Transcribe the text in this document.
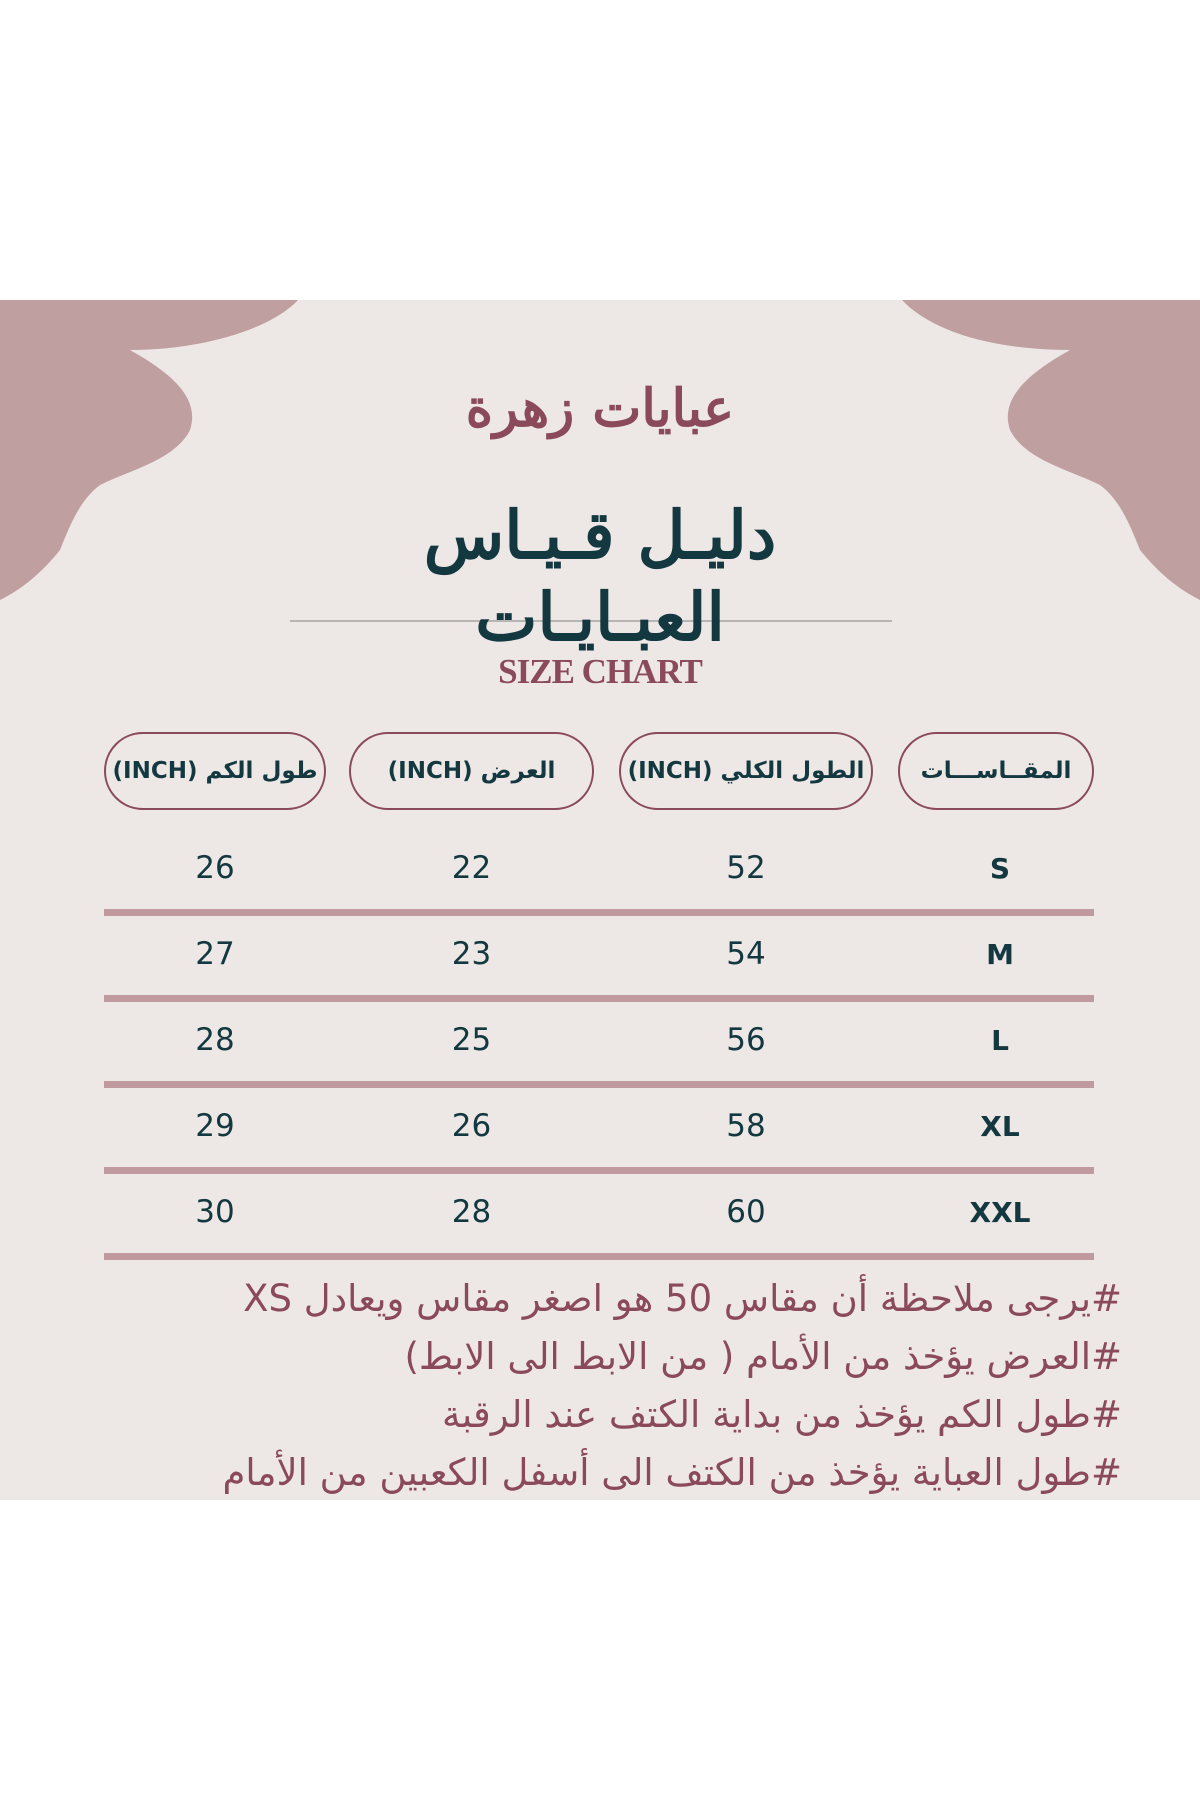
عبايات زهرة
دليـل قـيـاس
العبـايـات
SIZE CHART
المقــاســـات
الطول الكلي (INCH)
العرض (INCH)
طول الكم (INCH)
S
52
22
26
M
54
23
27
L
56
25
28
XL
58
26
29
XXL
60
28
30
#يرجى ملاحظة أن مقاس 50 هو اصغر مقاس ويعادل XS
#العرض يؤخذ من الأمام ( من الابط الى الابط)
#طول الكم يؤخذ من بداية الكتف عند الرقبة
#طول العباية يؤخذ من الكتف الى أسفل الكعبين من الأمام
